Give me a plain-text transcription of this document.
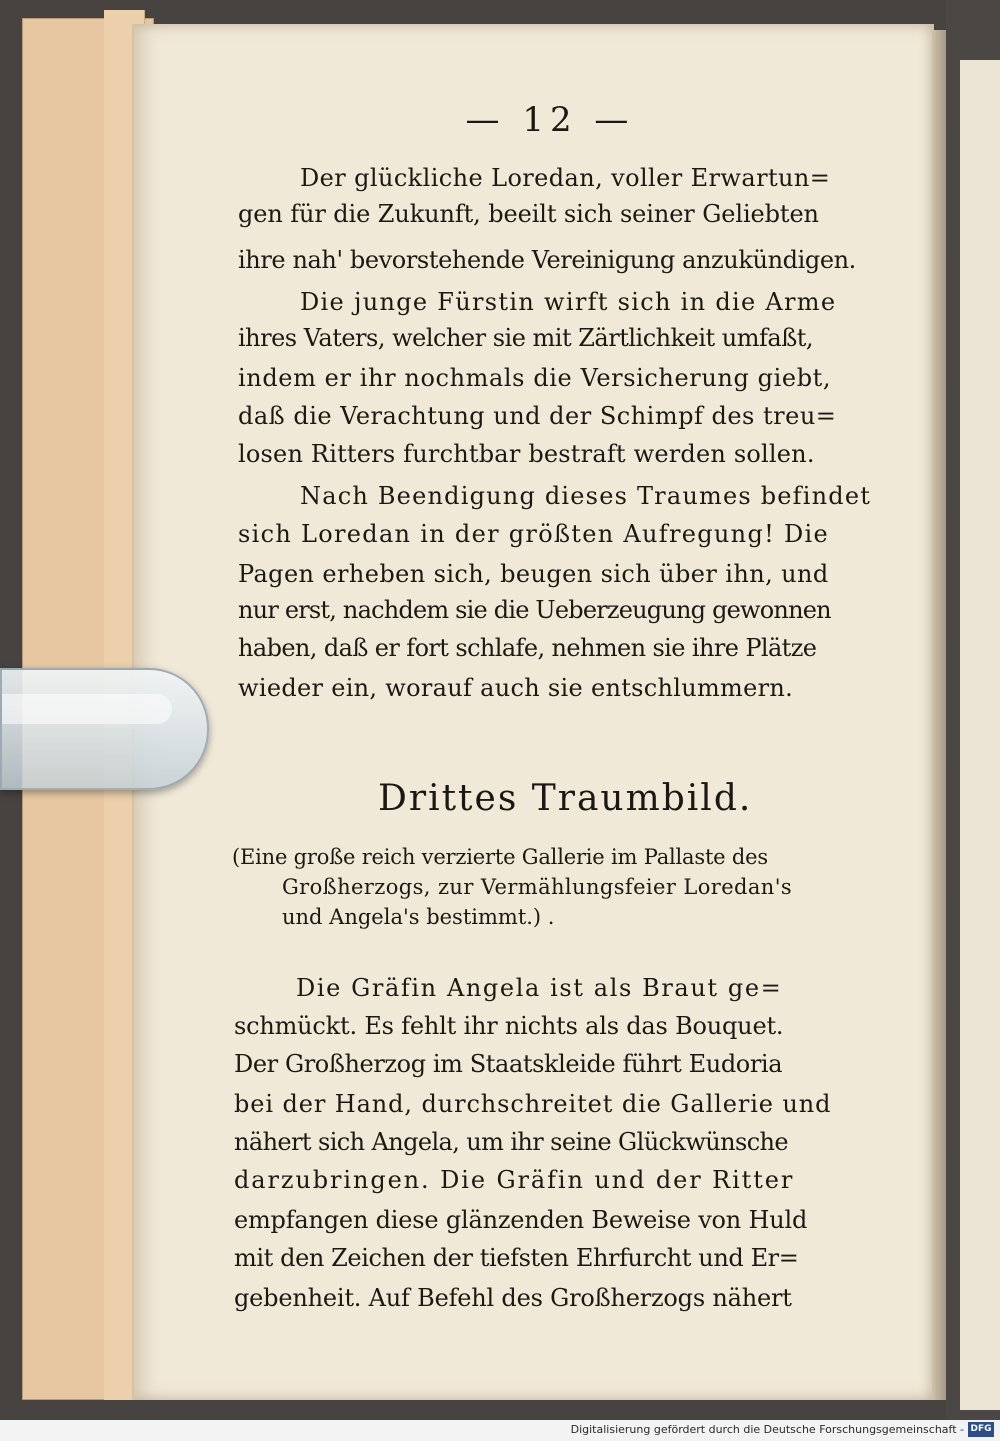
— 12 —
Der glückliche Loredan, voller Erwartun=
gen für die Zukunft, beeilt sich seiner Geliebten
ihre nah' bevorstehende Vereinigung anzukündigen.
Die junge Fürstin wirft sich in die Arme
ihres Vaters, welcher sie mit Zärtlichkeit umfaßt,
indem er ihr nochmals die Versicherung giebt,
daß die Verachtung und der Schimpf des treu=
losen Ritters furchtbar bestraft werden sollen.
Nach Beendigung dieses Traumes befindet
sich Loredan in der größten Aufregung! Die
Pagen erheben sich, beugen sich über ihn, und
nur erst, nachdem sie die Ueberzeugung gewonnen
haben, daß er fort schlafe, nehmen sie ihre Plätze
wieder ein, worauf auch sie entschlummern.
Drittes Traumbild.
(Eine große reich verzierte Gallerie im Pallaste des
Großherzogs, zur Vermählungsfeier Loredan's
und Angela's bestimmt.) .
Die Gräfin Angela ist als Braut ge=
schmückt. Es fehlt ihr nichts als das Bouquet.
Der Großherzog im Staatskleide führt Eudoria
bei der Hand, durchschreitet die Gallerie und
nähert sich Angela, um ihr seine Glückwünsche
darzubringen. Die Gräfin und der Ritter
empfangen diese glänzenden Beweise von Huld
mit den Zeichen der tiefsten Ehrfurcht und Er=
gebenheit. Auf Befehl des Großherzogs nähert
Digitalisierung gefördert durch die Deutsche Forschungsgemeinschaft - DFG
